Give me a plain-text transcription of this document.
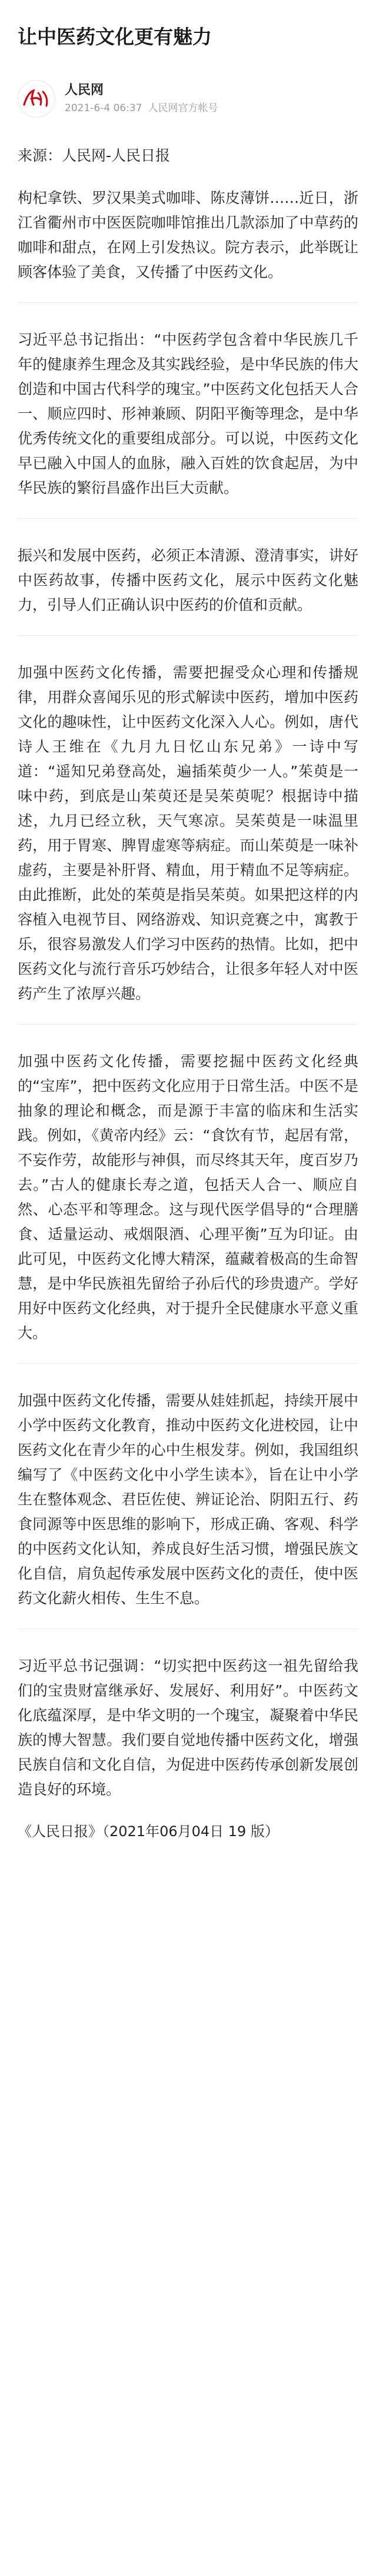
让中医药文化更有魅力
人民网
2021-6-4 06:37 人民网官方帐号

来源：人民网-人民日报

枸杞拿铁、罗汉果美式咖啡、陈皮薄饼……近日，浙江省衢州市中医医院咖啡馆推出几款添加了中草药的咖啡和甜点，在网上引发热议。院方表示，此举既让顾客体验了美食，又传播了中医药文化。

习近平总书记指出：“中医药学包含着中华民族几千年的健康养生理念及其实践经验，是中华民族的伟大创造和中国古代科学的瑰宝。”中医药文化包括天人合一、顺应四时、形神兼顾、阴阳平衡等理念，是中华优秀传统文化的重要组成部分。可以说，中医药文化早已融入中国人的血脉，融入百姓的饮食起居，为中华民族的繁衍昌盛作出巨大贡献。

振兴和发展中医药，必须正本清源、澄清事实，讲好中医药故事，传播中医药文化，展示中医药文化魅力，引导人们正确认识中医药的价值和贡献。

加强中医药文化传播，需要把握受众心理和传播规律，用群众喜闻乐见的形式解读中医药，增加中医药文化的趣味性，让中医药文化深入人心。例如，唐代诗人王维在《九月九日忆山东兄弟》一诗中写道：“遥知兄弟登高处，遍插茱萸少一人。”茱萸是一味中药，到底是山茱萸还是吴茱萸呢？根据诗中描述，九月已经立秋，天气寒凉。吴茱萸是一味温里药，用于胃寒、脾胃虚寒等病症。而山茱萸是一味补虚药，主要是补肝肾、精血，用于精血不足等病症。由此推断，此处的茱萸是指吴茱萸。如果把这样的内容植入电视节目、网络游戏、知识竞赛之中，寓教于乐，很容易激发人们学习中医药的热情。比如，把中医药文化与流行音乐巧妙结合，让很多年轻人对中医药产生了浓厚兴趣。

加强中医药文化传播，需要挖掘中医药文化经典的“宝库”，把中医药文化应用于日常生活。中医不是抽象的理论和概念，而是源于丰富的临床和生活实践。例如，《黄帝内经》云：“食饮有节，起居有常，不妄作劳，故能形与神俱，而尽终其天年，度百岁乃去。”古人的健康长寿之道，包括天人合一、顺应自然、心态平和等理念。这与现代医学倡导的“合理膳食、适量运动、戒烟限酒、心理平衡”互为印证。由此可见，中医药文化博大精深，蕴藏着极高的生命智慧，是中华民族祖先留给子孙后代的珍贵遗产。学好用好中医药文化经典，对于提升全民健康水平意义重大。

加强中医药文化传播，需要从娃娃抓起，持续开展中小学中医药文化教育，推动中医药文化进校园，让中医药文化在青少年的心中生根发芽。例如，我国组织编写了《中医药文化中小学生读本》，旨在让中小学生在整体观念、君臣佐使、辨证论治、阴阳五行、药食同源等中医思维的影响下，形成正确、客观、科学的中医药文化认知，养成良好生活习惯，增强民族文化自信，肩负起传承发展中医药文化的责任，使中医药文化薪火相传、生生不息。

习近平总书记强调：“切实把中医药这一祖先留给我们的宝贵财富继承好、发展好、利用好”。中医药文化底蕴深厚，是中华文明的一个瑰宝，凝聚着中华民族的博大智慧。我们要自觉地传播中医药文化，增强民族自信和文化自信，为促进中医药传承创新发展创造良好的环境。

《人民日报》（2021年06月04日 19 版）
